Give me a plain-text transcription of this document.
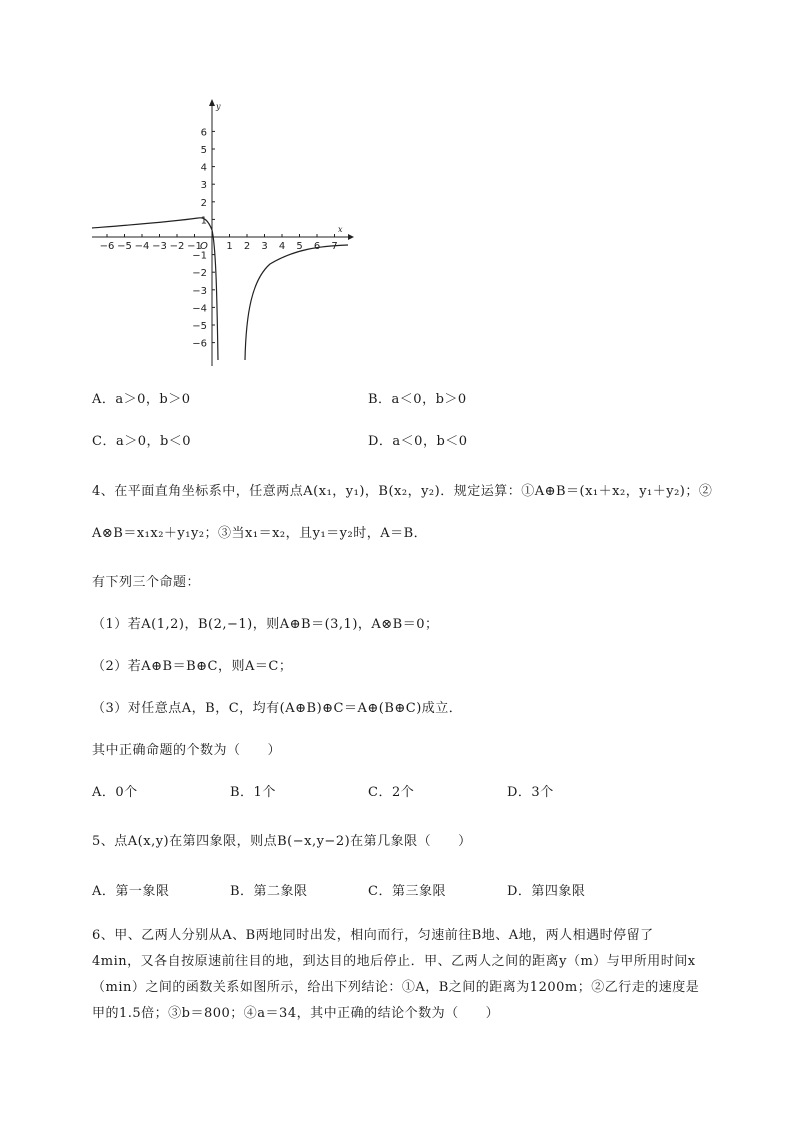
y
x
−6 −5 −4 −3 −2 −1 1 2 3 4 5 6 7
6
5
4
3
2
1
−1
−2
−3
−4
−5
−6
O
A．a＞0，b＞0	B．a＜0，b＞0
C．a＞0，b＜0	D．a＜0，b＜0
4、在平面直角坐标系中，任意两点A(x₁，y₁)，B(x₂，y₂)．规定运算：①A⊕B＝(x₁＋x₂，y₁＋y₂)；②
A⊗B＝x₁x₂＋y₁y₂；③当x₁＝x₂，且y₁＝y₂时，A＝B．
有下列三个命题：
（1）若A(1,2)，B(2,−1)，则A⊕B＝(3,1)，A⊗B＝0；
（2）若A⊕B＝B⊕C，则A＝C；
（3）对任意点A，B，C，均有(A⊕B)⊕C＝A⊕(B⊕C)成立．
其中正确命题的个数为（　　）
A．0个	B．1个	C．2个	D．3个
5、点A(x,y)在第四象限，则点B(−x,y−2)在第几象限（　　）
A．第一象限	B．第二象限	C．第三象限	D．第四象限
6、甲、乙两人分别从A、B两地同时出发，相向而行，匀速前往B地、A地，两人相遇时停留了
4min，又各自按原速前往目的地，到达目的地后停止．甲、乙两人之间的距离y（m）与甲所用时间x
（min）之间的函数关系如图所示，给出下列结论：①A，B之间的距离为1200m；②乙行走的速度是
甲的1.5倍；③b＝800；④a＝34，其中正确的结论个数为（　　）
